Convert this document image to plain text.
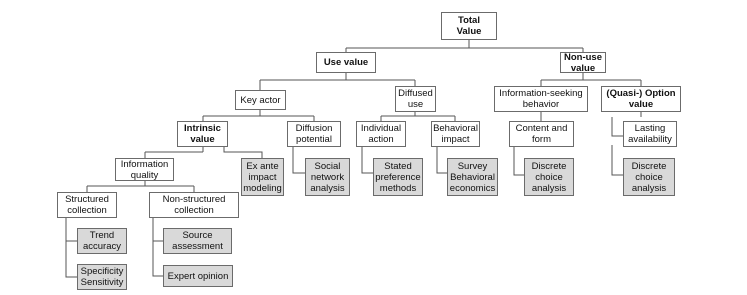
Total
Value
Use value	Non-use
value
Key actor
Diffused
use
Information-seeking
behavior
(Quasi-) Option
value
Intrinsic
value
Diffusion
potential
Individual
action
Behavioral
impact
Content and
form
Lasting
availability
Information
quality
Ex ante
impact
modeling
Social
network
analysis
Stated
preference
methods
Survey
Behavioral
economics
Discrete
choice
analysis
Discrete
choice
analysis
Structured
collection
Non-structured
collection
Trend
accuracy
Source
assessment
Specificity
Sensitivity
Expert opinion
